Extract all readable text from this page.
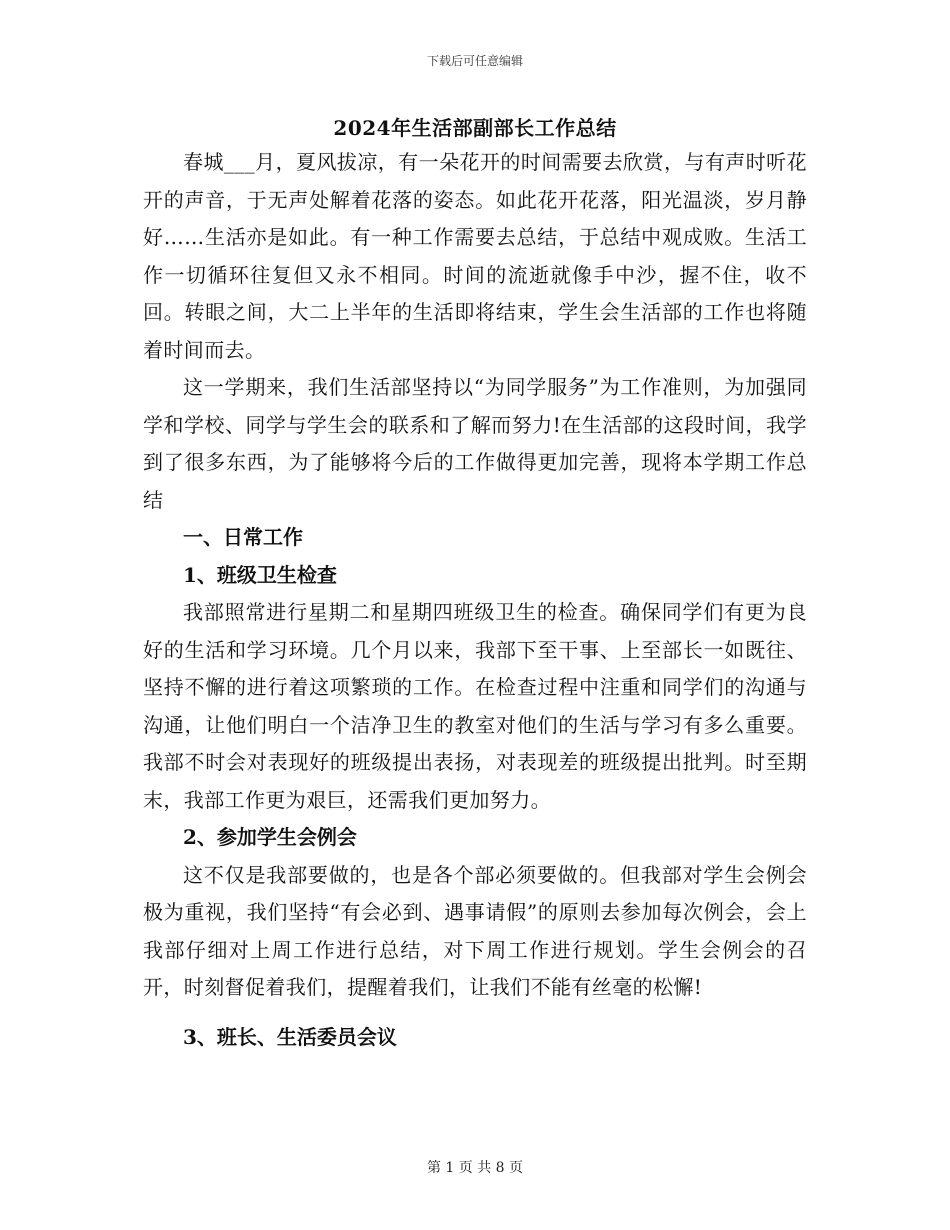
下载后可任意编辑
2024年生活部副部长工作总结

春城___月，夏风拔凉，有一朵花开的时间需要去欣赏，与有声时听花开的声音，于无声处解着花落的姿态。如此花开花落，阳光温淡，岁月静好……生活亦是如此。有一种工作需要去总结，于总结中观成败。生活工作一切循环往复但又永不相同。时间的流逝就像手中沙，握不住，收不回。转眼之间，大二上半年的生活即将结束，学生会生活部的工作也将随着时间而去。

这一学期来，我们生活部坚持以“为同学服务”为工作准则，为加强同学和学校、同学与学生会的联系和了解而努力!在生活部的这段时间，我学到了很多东西，为了能够将今后的工作做得更加完善，现将本学期工作总结

一、日常工作

1、班级卫生检查

我部照常进行星期二和星期四班级卫生的检查。确保同学们有更为良好的生活和学习环境。几个月以来，我部下至干事、上至部长一如既往、坚持不懈的进行着这项繁琐的工作。在检查过程中注重和同学们的沟通与沟通，让他们明白一个洁净卫生的教室对他们的生活与学习有多么重要。我部不时会对表现好的班级提出表扬，对表现差的班级提出批判。时至期末，我部工作更为艰巨，还需我们更加努力。

2、参加学生会例会

这不仅是我部要做的，也是各个部必须要做的。但我部对学生会例会极为重视，我们坚持“有会必到、遇事请假”的原则去参加每次例会，会上我部仔细对上周工作进行总结，对下周工作进行规划。学生会例会的召开，时刻督促着我们，提醒着我们，让我们不能有丝毫的松懈!

3、班长、生活委员会议

第 1 页 共 8 页
